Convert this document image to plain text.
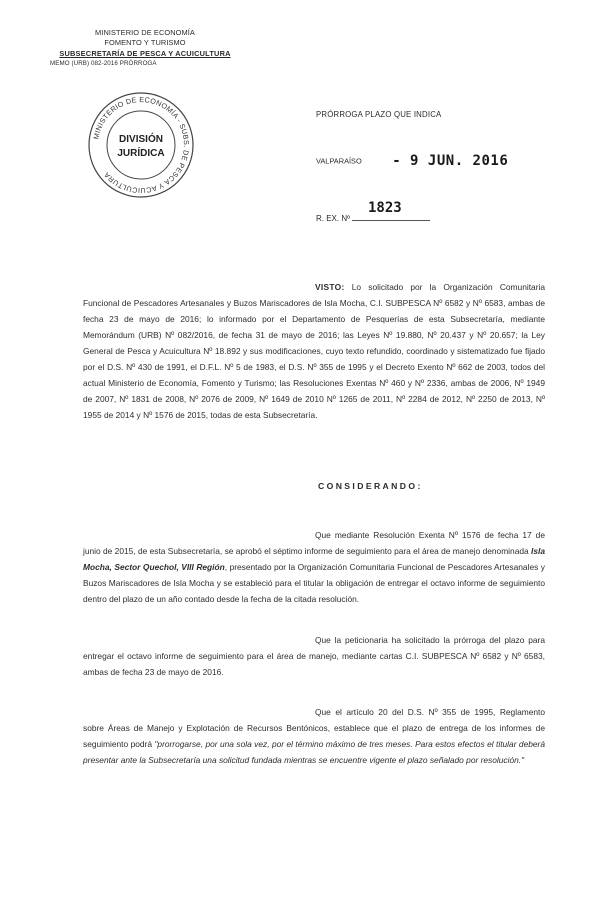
MINISTERIO DE ECONOMÍA
FOMENTO Y TURISMO
SUBSECRETARÍA DE PESCA Y ACUICULTURA
MEMO (URB) 082-2016 PRÓRROGA
MINISTERIO DE ECONOMÍA - SUBS. DE PESCA Y ACUICULTURA
DIVISIÓN
JURÍDICA
PRÓRROGA PLAZO QUE INDICA
VALPARAÍSO - 9 JUN. 2016
R. EX. Nº
1823
VISTO: Lo solicitado por la Organización Comunitaria Funcional de Pescadores Artesanales y Buzos Mariscadores de Isla Mocha, C.I. SUBPESCA Nº 6582 y Nº 6583, ambas de fecha 23 de mayo de 2016; lo informado por el Departamento de Pesquerías de esta Subsecretaría, mediante Memorándum (URB) Nº 082/2016, de fecha 31 de mayo de 2016; las Leyes Nº 19.880, Nº 20.437 y Nº 20.657; la Ley General de Pesca y Acuicultura Nº 18.892 y sus modificaciones, cuyo texto refundido, coordinado y sistematizado fue fijado por el D.S. Nº 430 de 1991, el D.F.L. Nº 5 de 1983, el D.S. Nº 355 de 1995 y el Decreto Exento Nº 662 de 2003, todos del actual Ministerio de Economía, Fomento y Turismo; las Resoluciones Exentas Nº 460 y Nº 2336, ambas de 2006, Nº 1949 de 2007, Nº 1831 de 2008, Nº 2076 de 2009, Nº 1649 de 2010 Nº 1265 de 2011, Nº 2284 de 2012, Nº 2250 de 2013, Nº 1955 de 2014 y Nº 1576 de 2015, todas de esta Subsecretaría.
CONSIDERANDO:
Que mediante Resolución Exenta Nº 1576 de fecha 17 de junio de 2015, de esta Subsecretaría, se aprobó el séptimo informe de seguimiento para el área de manejo denominada Isla Mocha, Sector Quechol, VIII Región, presentado por la Organización Comunitaria Funcional de Pescadores Artesanales y Buzos Mariscadores de Isla Mocha y se estableció para el titular la obligación de entregar el octavo informe de seguimiento dentro del plazo de un año contado desde la fecha de la citada resolución.
Que la peticionaria ha solicitado la prórroga del plazo para entregar el octavo informe de seguimiento para el área de manejo, mediante cartas C.I. SUBPESCA Nº 6582 y Nº 6583, ambas de fecha 23 de mayo de 2016.
Que el artículo 20 del D.S. Nº 355 de 1995, Reglamento sobre Áreas de Manejo y Explotación de Recursos Bentónicos, establece que el plazo de entrega de los informes de seguimiento podrá "prorrogarse, por una sola vez, por el término máximo de tres meses. Para estos efectos el titular deberá presentar ante la Subsecretaría una solicitud fundada mientras se encuentre vigente el plazo señalado por resolución."
